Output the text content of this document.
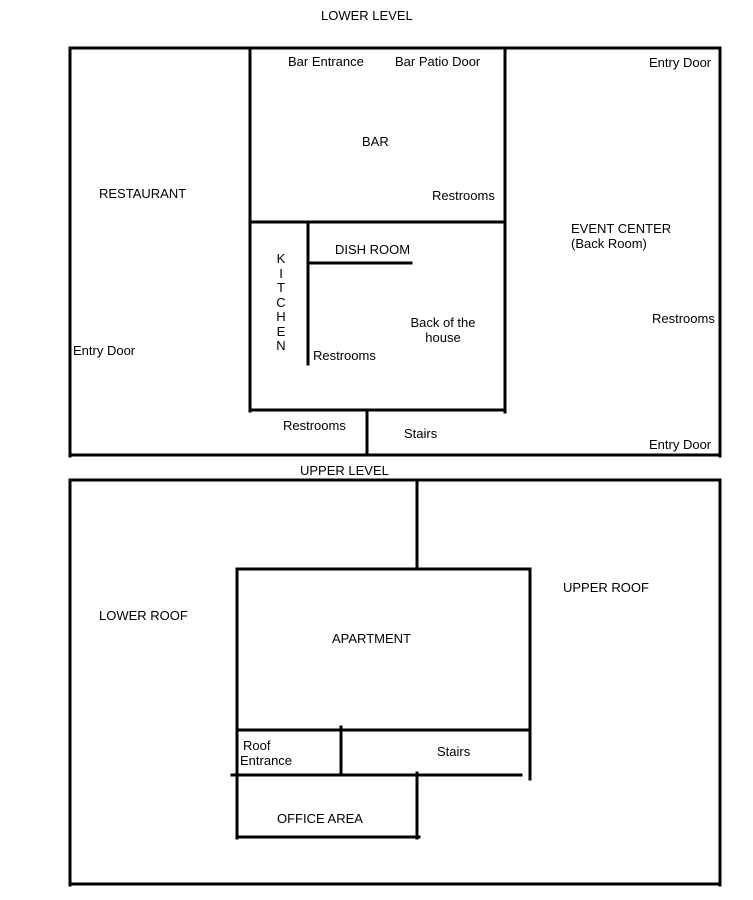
LOWER LEVEL
Bar Entrance Bar Patio Door	Entry Door
BAR
RESTAURANT	Restrooms
EVENT CENTER
(Back Room)
DISH ROOM
K
I
T
C
H
E
N
Back of the
house
Restrooms
Entry Door	Restrooms
Restrooms
Stairs
Entry Door
UPPER LEVEL
UPPER ROOF
LOWER ROOF
APARTMENT
Roof
Entrance
Stairs
OFFICE AREA
